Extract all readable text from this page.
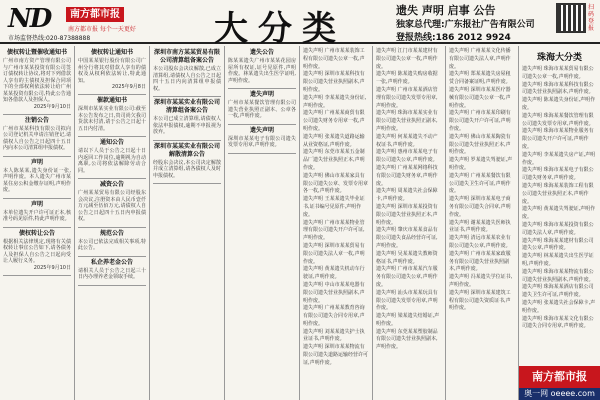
ND	南方都市报
南方都市报 每个一天更好
市场监督热线:020-87388888	大分类	遗失 声明 启事 公告
独家总代理:广东报社广告有限公司
登报热线:186 2012 9924
扫码登报
债权转让暨催收通知书
广州市南方资产管理有限公司与广州市某某投资有限公司签订债权转让协议,将对下列借款人享有的主债权及担保合同项下的全部权利依法转让给广州某某投资有限公司,特此公告通知各借款人及担保人。
2025年9月10日
注销公告
广州市某某科技有限公司拟向公司登记机关申请注销登记,请债权人自公告之日起四十五日内向本公司清算组申报债权。
声明
本人陈某某,遗失身份证一张,声明作废。本人遗失广州市某某住房公积金缴存证明,声明作废。
声明
本单位遗失开户许可证正本,核准号码见原件,特此声明作废。
债权转让公告
根据相关法律规定,现将有关债权转让事宜公告如下,请各债务人及担保人自公告之日起向受让人履行义务。
2025年9月10日
债权转让通知书
中国某某银行股份有限公司广州分行将其对借款人享有的债权及从权利依法转让,特此通知。
2025年9月8日
催款通知书
深圳市某某实业有限公司:截至本公告发布之日,贵司尚欠我司货款未付清,请于公告之日起十五日内付清。
通知公告
请以下人员于公告之日起十日内返回工作岗位,逾期视为自动离职,公司将依法解除劳动合同。
减资公告
广州某某贸易有限公司经股东会决议,注册资本由人民币壹仟万元减至伍佰万元,请债权人自公告之日起四十五日内申报债权。
规范公告
本公司已依法完成相关事项,特此公告。
私企养老金公告
请相关人员于公告之日起三十日内办理养老金领取手续。
深圳市南方某某贸易有限公司清算组备案公告
本公司股东会决议解散,已成立清算组,请债权人自公告之日起四十五日内向清算组申报债权。
深圳市某某实业有限公司清算组备案公告
本公司已成立清算组,请债权人依法申报债权,逾期不申报视为放弃。
深圳市某某实业有限公司解散清算公告
经股东会决议,本公司决定解散并成立清算组,请各债权人及时申报债权。
遗失公告
陈某某遗失广州市某某花园房屋所有权证,证号见原件,声明作废。林某遗失出生医学证明,声明作废。
遗失声明
广州市某某餐饮管理有限公司遗失营业执照正副本、公章各一枚,声明作废。
遗失声明
深圳市某某电子有限公司遗失发票专用章,声明作废。
遗失声明 广州市某某装饰工程有限公司遗失公章一枚,声明作废。
遗失声明 深圳市某某科技有限公司遗失营业执照副本,声明作废。
遗失声明 李某某遗失身份证,声明作废。
遗失声明 广州某某商贸有限公司遗失财务专用章一枚,声明作废。
遗失声明 张某遗失道路运输从业资格证,声明作废。
遗失声明 东莞市某某五金制品厂遗失营业执照正本,声明作废。
遗失声明 佛山市某某家具有限公司遗失公章、发票专用章各一枚,声明作废。
遗失声明 王某某遗失毕业证书,证书编号见原件,声明作废。
遗失声明 广州市某某物业管理有限公司遗失开户许可证,声明作废。
遗失声明 深圳市某某贸易有限公司遗失法人章一枚,声明作废。
遗失声明 黄某遗失机动车行驶证,声明作废。
遗失声明 中山市某某电器有限公司遗失营业执照副本,声明作废。
遗失声明 广州某某教育咨询有限公司遗失合同专用章,声明作废。
遗失声明 刘某某遗失护士执业证书,声明作废。
遗失声明 深圳市某某物流有限公司遗失道路运输经营许可证,声明作废。
遗失声明 江门市某某建材有限公司遗失公章一枚,声明作废。
遗失声明 陈某遗失购房收据一张,声明作废。
遗失声明 广州市某某酒店管理有限公司遗失发票专用章,声明作废。
遗失声明 珠海市某某实业有限公司遗失营业执照正副本,声明作废。
遗失声明 何某某遗失不动产权证书,声明作废。
遗失声明 惠州市某某电子有限公司遗失公章,声明作废。
遗失声明 广州某某网络科技有限公司遗失财务章,声明作废。
遗失声明 周某遗失社会保障卡,声明作废。
遗失声明 深圳市某某投资有限公司遗失营业执照正本,声明作废。
遗失声明 肇庆市某某食品有限公司遗失食品经营许可证,声明作废。
遗失声明 吴某某遗失教师资格证书,声明作废。
遗失声明 广州市某某汽车服务有限公司遗失公章,声明作废。
遗失声明 汕头市某某玩具有限公司遗失发票专用章,声明作废。
遗失声明 梁某遗失结婚证,声明作废。
遗失声明 东莞某某塑胶制品有限公司遗失营业执照副本,声明作废。
遗失声明 广州某某文化传播有限公司遗失法人章,声明作废。
遗失声明 郑某某遗失房屋租赁合同备案证明,声明作废。
遗失声明 深圳市某某医疗器械有限公司遗失公章一枚,声明作废。
遗失声明 广州市某某印刷有限公司遗失开户许可证,声明作废。
遗失声明 佛山市某某陶瓷有限公司遗失营业执照正本,声明作废。
遗失声明 罗某遗失驾驶证,声明作废。
遗失声明 广州某某餐饮有限公司遗失卫生许可证,声明作废。
遗失声明 深圳市某某电子商务有限公司遗失合同章,声明作废。
遗失声明 谢某某遗失医师执业证书,声明作废。
遗失声明 清远市某某农业有限公司遗失公章,声明作废。
遗失声明 广州市某某家政服务有限公司遗失营业执照副本,声明作废。
遗失声明 冯某遗失学位证书,声明作废。
遗失声明 深圳市某某建筑工程有限公司遗失资质证书,声明作废。
珠海大分类
遗失声明 珠海市某某贸易有限公司遗失公章一枚,声明作废。
遗失声明 珠海市某某科技有限公司遗失营业执照副本,声明作废。
遗失声明 陈某遗失身份证,声明作废。
遗失声明 珠海某某餐饮管理有限公司遗失发票专用章,声明作废。
遗失声明 珠海市某某物业服务有限公司遗失开户许可证,声明作废。
遗失声明 李某某遗失房产证,声明作废。
遗失声明 珠海市某某电子有限公司遗失财务章,声明作废。
遗失声明 珠海某某装饰工程有限公司遗失营业执照正本,声明作废。
遗失声明 黄某遗失驾驶证,声明作废。
遗失声明 珠海市某某投资有限公司遗失法人章,声明作废。
遗失声明 珠海某某建材有限公司遗失公章,声明作废。
遗失声明 林某某遗失出生医学证明,声明作废。
遗失声明 珠海市某某物流有限公司遗失营业执照副本,声明作废。
遗失声明 珠海某某酒店有限公司遗失卫生许可证,声明作废。
遗失声明 张某遗失社会保障卡,声明作废。
遗失声明 珠海市某某文化有限公司遗失合同专用章,声明作废。
南方都市报
奥一网 oeeee.com
